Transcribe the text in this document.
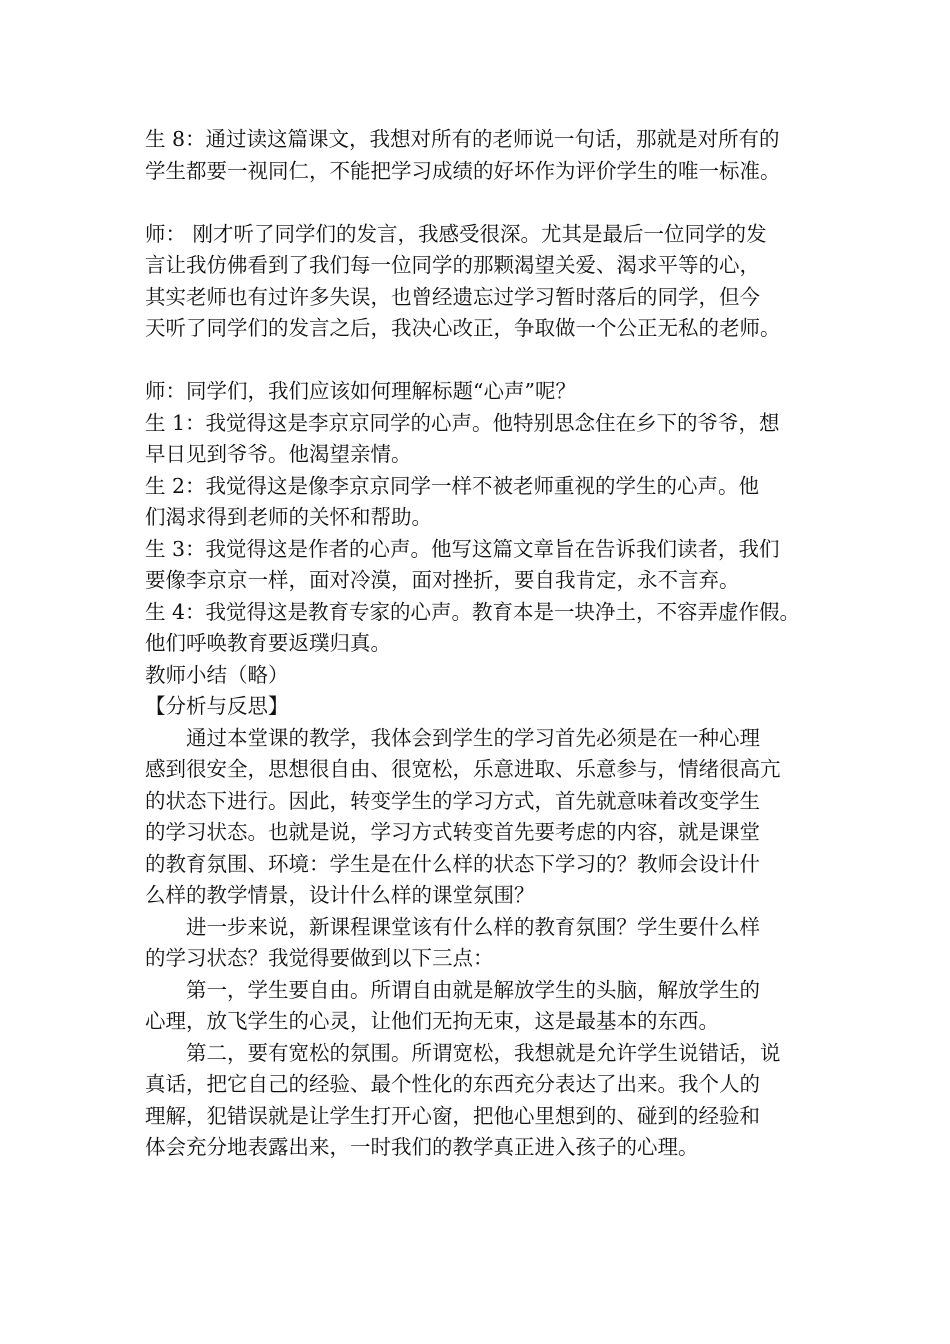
生 8：通过读这篇课文，我想对所有的老师说一句话，那就是对所有的

学生都要一视同仁，不能把学习成绩的好坏作为评价学生的唯一标准。

师： 刚才听了同学们的发言，我感受很深。尤其是最后一位同学的发

言让我仿佛看到了我们每一位同学的那颗渴望关爱、渴求平等的心，

其实老师也有过许多失误，也曾经遗忘过学习暂时落后的同学，但今

天听了同学们的发言之后，我决心改正，争取做一个公正无私的老师。

师：同学们，我们应该如何理解标题“心声”呢？

生 1：我觉得这是李京京同学的心声。他特别思念住在乡下的爷爷，想

早日见到爷爷。他渴望亲情。

生 2：我觉得这是像李京京同学一样不被老师重视的学生的心声。他

们渴求得到老师的关怀和帮助。

生 3：我觉得这是作者的心声。他写这篇文章旨在告诉我们读者，我们

要像李京京一样，面对冷漠，面对挫折，要自我肯定，永不言弃。

生 4：我觉得这是教育专家的心声。教育本是一块净土，不容弄虚作假。

他们呼唤教育要返璞归真。

教师小结（略）

【分析与反思】

通过本堂课的教学，我体会到学生的学习首先必须是在一种心理

感到很安全，思想很自由、很宽松，乐意进取、乐意参与，情绪很高亢

的状态下进行。因此，转变学生的学习方式，首先就意味着改变学生

的学习状态。也就是说，学习方式转变首先要考虑的内容，就是课堂

的教育氛围、环境：学生是在什么样的状态下学习的？教师会设计什

么样的教学情景，设计什么样的课堂氛围？

进一步来说，新课程课堂该有什么样的教育氛围？学生要什么样

的学习状态？我觉得要做到以下三点：

第一，学生要自由。所谓自由就是解放学生的头脑，解放学生的

心理，放飞学生的心灵，让他们无拘无束，这是最基本的东西。

第二，要有宽松的氛围。所谓宽松，我想就是允许学生说错话，说

真话，把它自己的经验、最个性化的东西充分表达了出来。我个人的

理解，犯错误就是让学生打开心窗，把他心里想到的、碰到的经验和

体会充分地表露出来，一时我们的教学真正进入孩子的心理。
